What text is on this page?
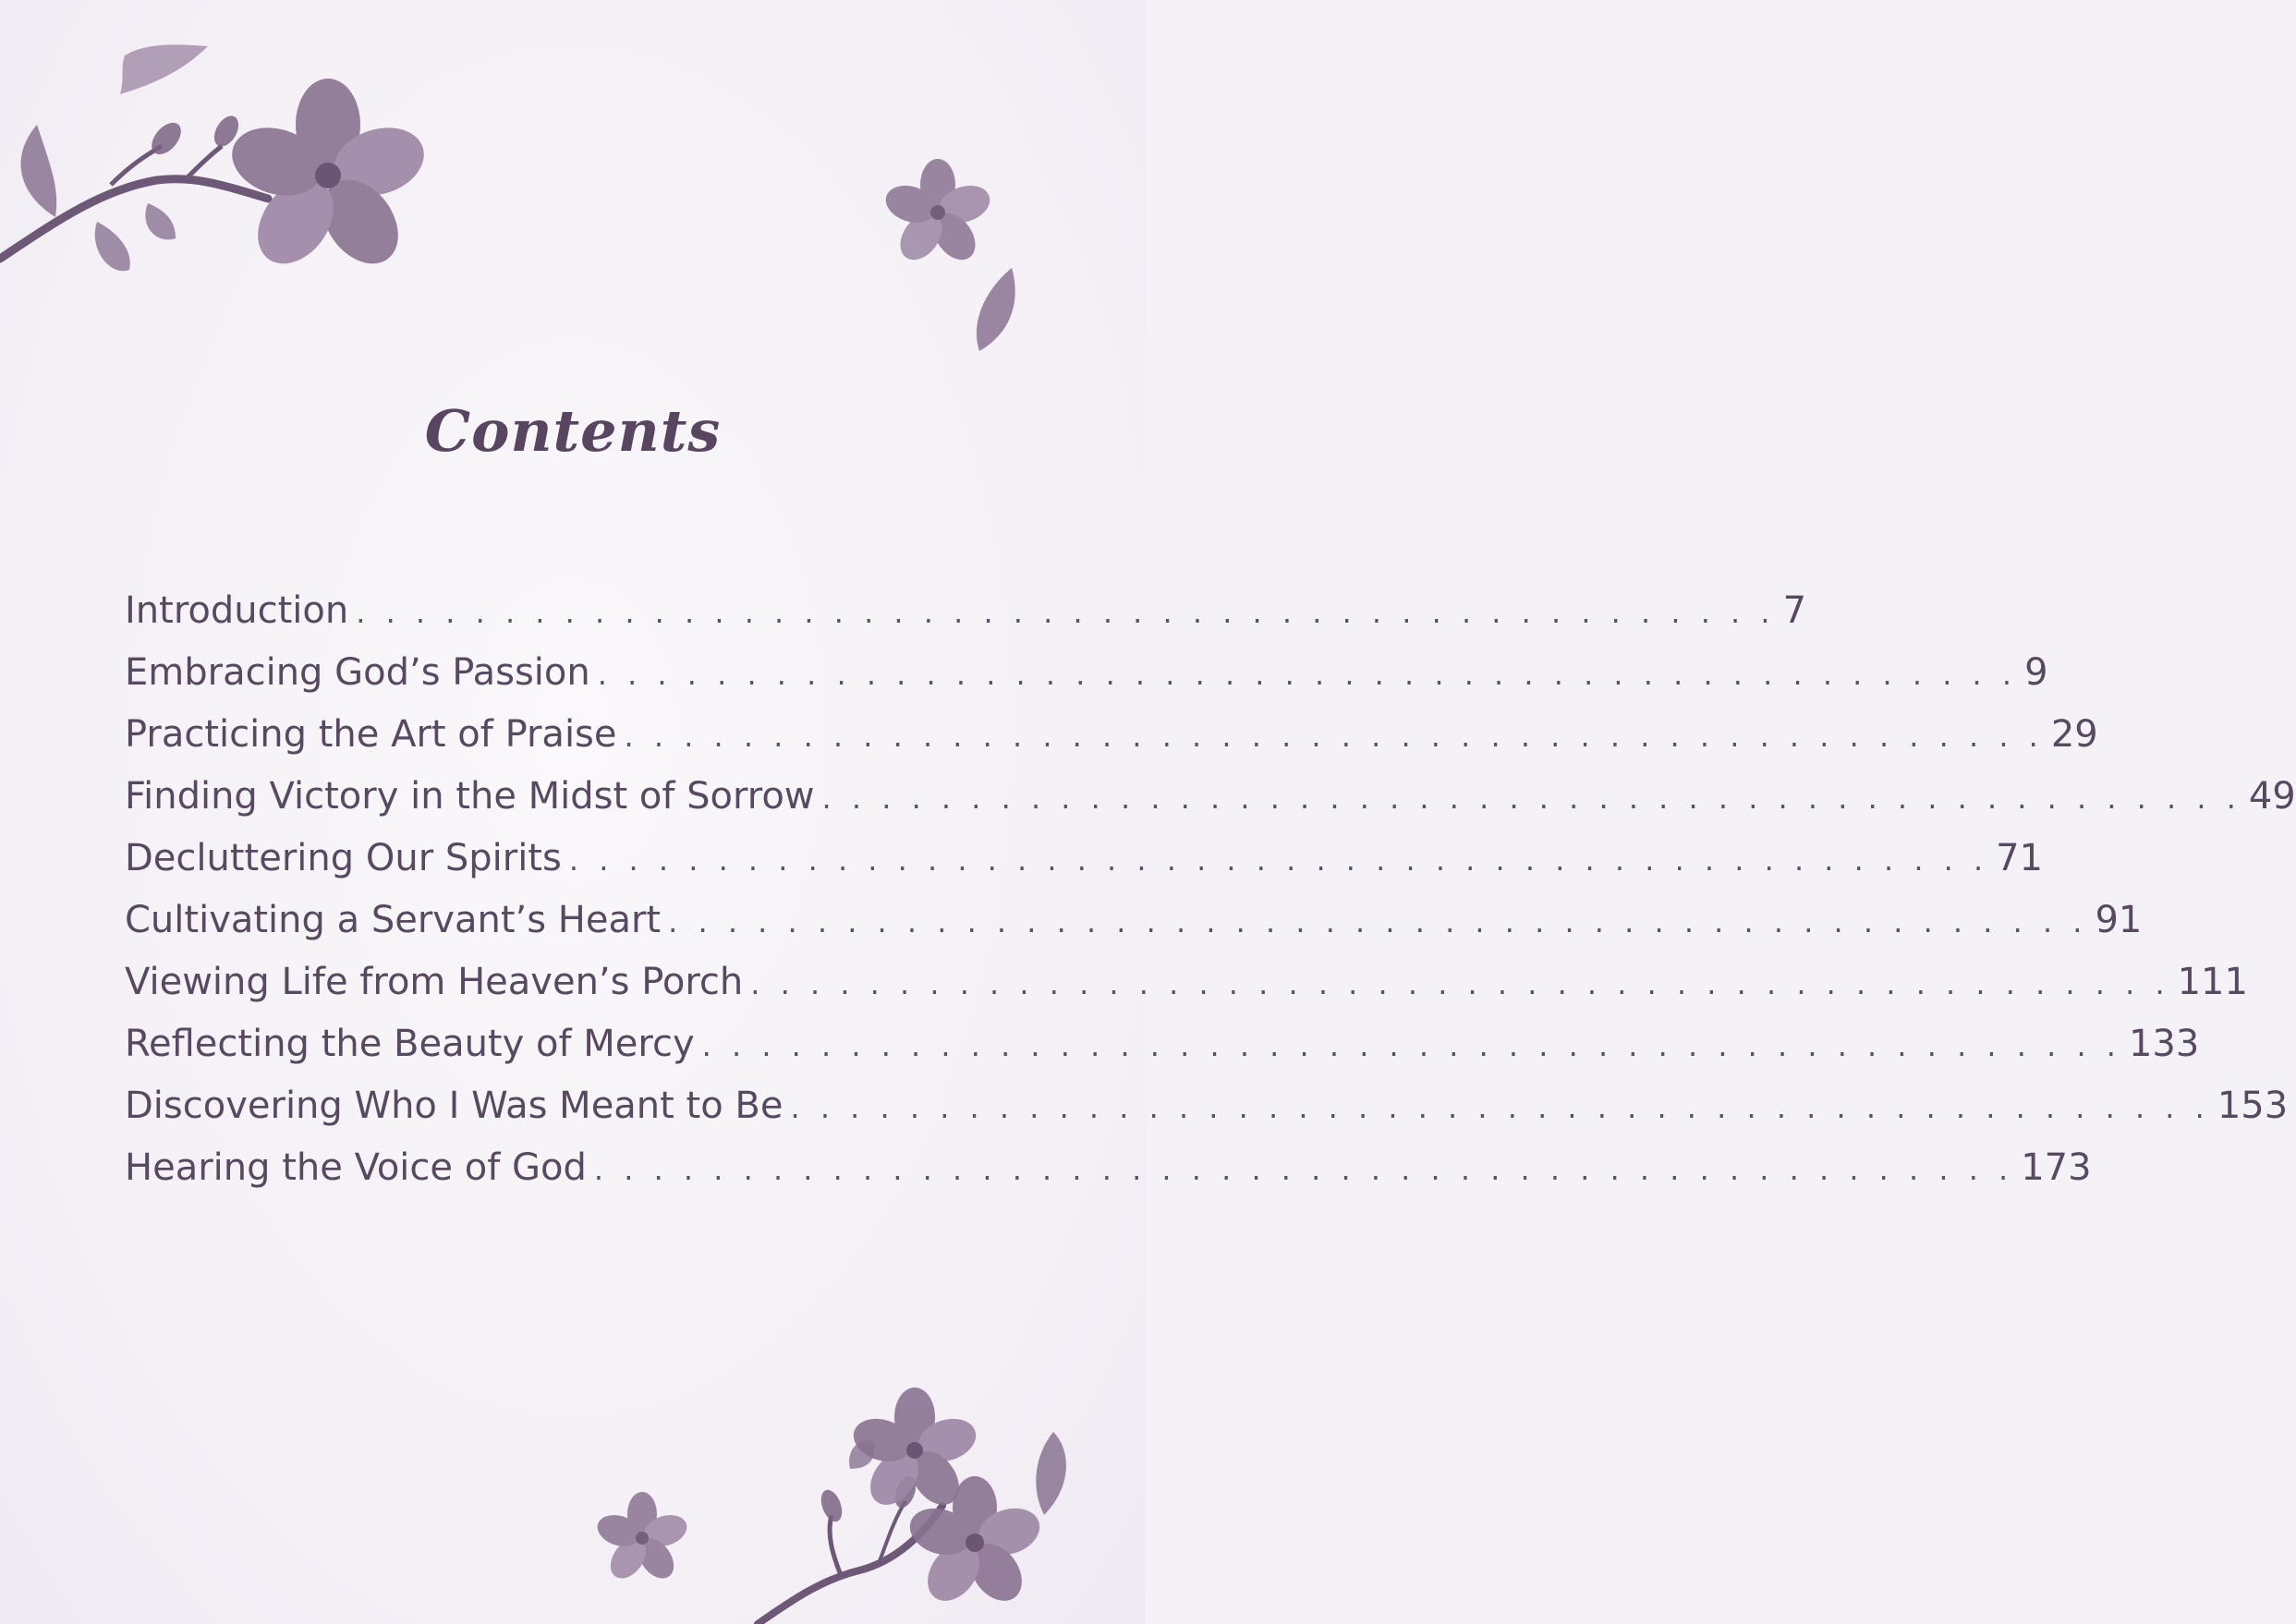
Contents
Introduction . . . . . . . . . . . . . . . . . . . . . . . . . . . . . . . . . . . . . . . . . . . . . . . . 7
Embracing God’s Passion . . . . . . . . . . . . . . . . . . . . . . . . . . . . . . . . . . . . . . . . . . . . . . . . 9
Practicing the Art of Praise . . . . . . . . . . . . . . . . . . . . . . . . . . . . . . . . . . . . . . . . . . . . . . . . 29
Finding Victory in the Midst of Sorrow . . . . . . . . . . . . . . . . . . . . . . . . . . . . . . . . . . . . . . . . . . . . . . . . 49
Decluttering Our Spirits . . . . . . . . . . . . . . . . . . . . . . . . . . . . . . . . . . . . . . . . . . . . . . . . 71
Cultivating a Servant’s Heart . . . . . . . . . . . . . . . . . . . . . . . . . . . . . . . . . . . . . . . . . . . . . . . . 91
Viewing Life from Heaven’s Porch . . . . . . . . . . . . . . . . . . . . . . . . . . . . . . . . . . . . . . . . . . . . . . . . 111
Reflecting the Beauty of Mercy . . . . . . . . . . . . . . . . . . . . . . . . . . . . . . . . . . . . . . . . . . . . . . . . 133
Discovering Who I Was Meant to Be . . . . . . . . . . . . . . . . . . . . . . . . . . . . . . . . . . . . . . . . . . . . . . . . 153
Hearing the Voice of God . . . . . . . . . . . . . . . . . . . . . . . . . . . . . . . . . . . . . . . . . . . . . . . . 173
